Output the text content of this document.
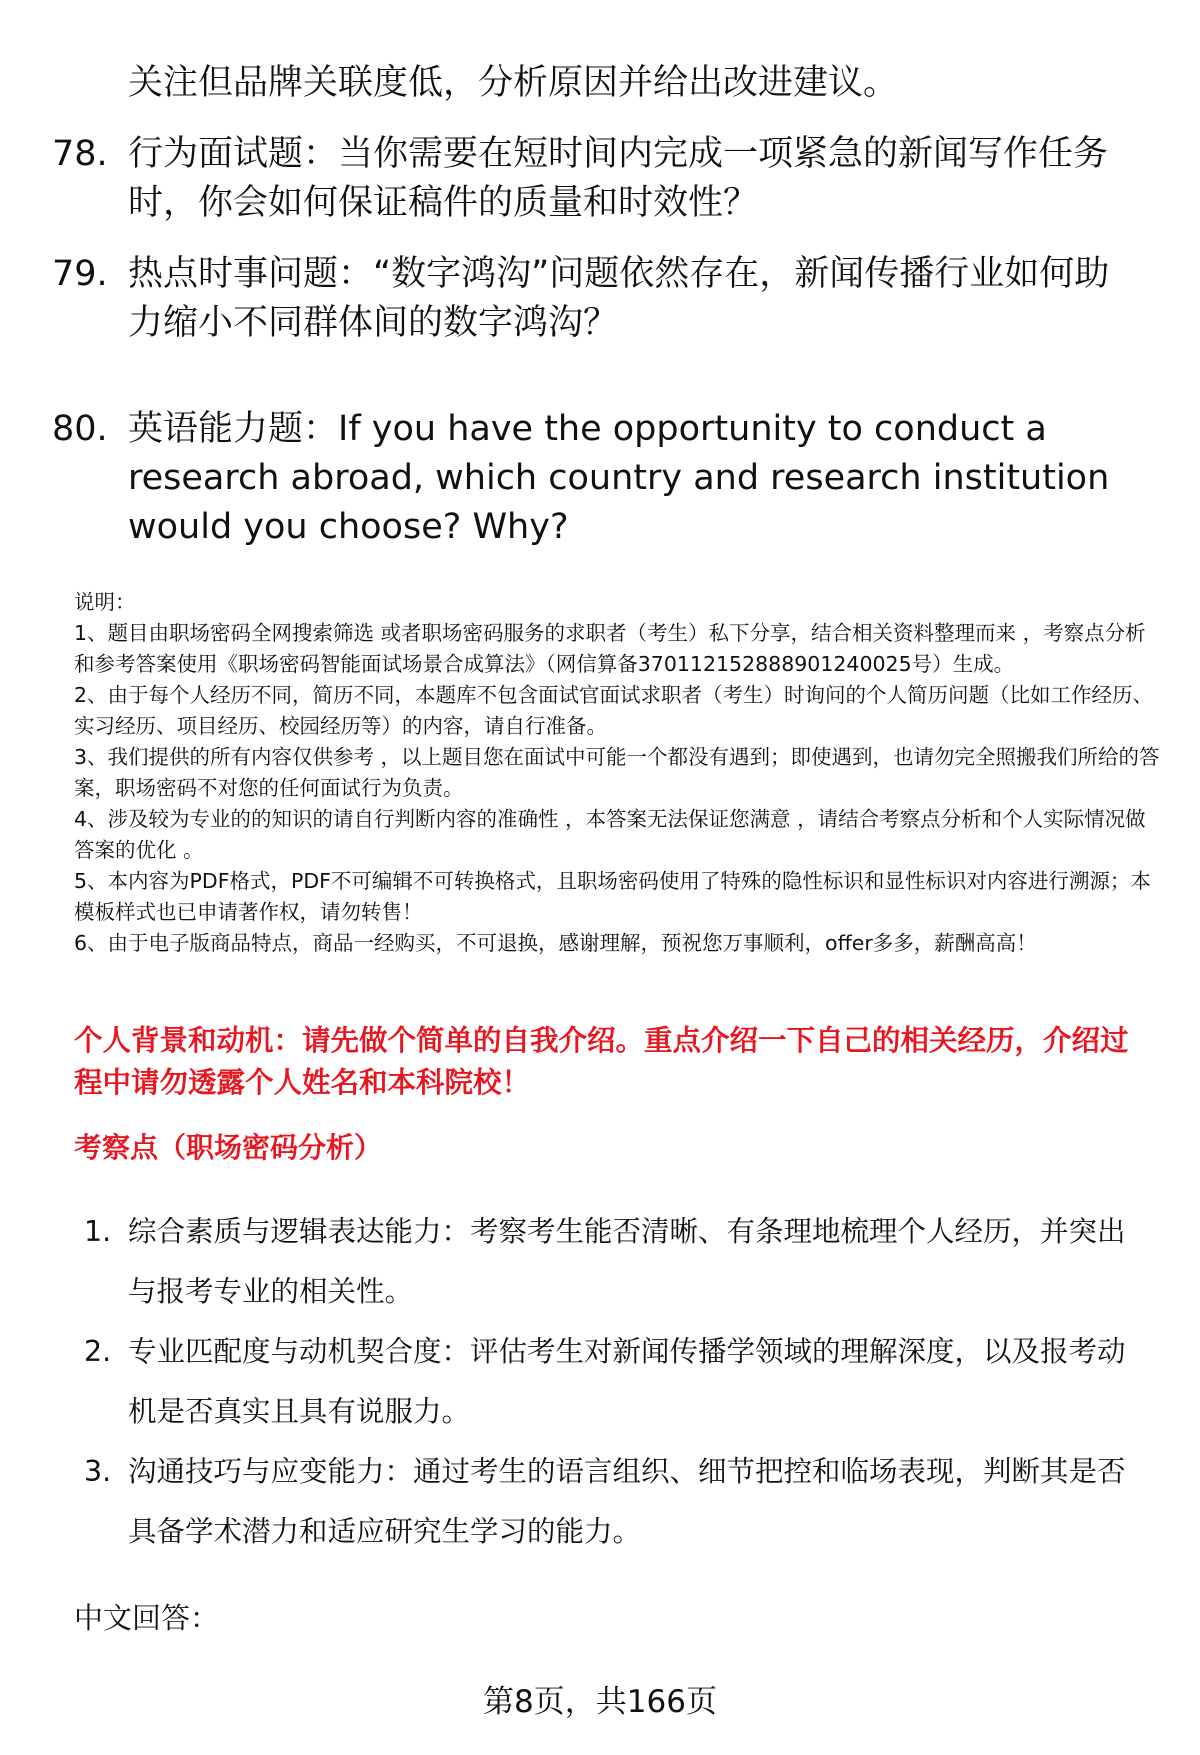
关注但品牌关联度低，分析原因并给出改进建议。
78. 行为面试题：当你需要在短时间内完成一项紧急的新闻写作任务时，你会如何保证稿件的质量和时效性？
79. 热点时事问题：“数字鸿沟”问题依然存在，新闻传播行业如何助力缩小不同群体间的数字鸿沟？
80. 英语能力题：If you have the opportunity to conduct a research abroad, which country and research institution would you choose? Why?
说明：
1、题目由职场密码全网搜索筛选 或者职场密码服务的求职者（考生）私下分享，结合相关资料整理而来 ，考察点分析和参考答案使用《职场密码智能面试场景合成算法》（网信算备370112152888901240025号）生成。
2、由于每个人经历不同，简历不同，本题库不包含面试官面试求职者（考生）时询问的个人简历问题（比如工作经历、实习经历、项目经历、校园经历等）的内容，请自行准备。
3、我们提供的所有内容仅供参考 ，以上题目您在面试中可能一个都没有遇到；即使遇到，也请勿完全照搬我们所给的答案，职场密码不对您的任何面试行为负责。
4、涉及较为专业的的知识的请自行判断内容的准确性 ，本答案无法保证您满意 ，请结合考察点分析和个人实际情况做答案的优化 。
5、本内容为PDF格式，PDF不可编辑不可转换格式，且职场密码使用了特殊的隐性标识和显性标识对内容进行溯源；本模板样式也已申请著作权，请勿转售！
6、由于电子版商品特点，商品一经购买，不可退换，感谢理解，预祝您万事顺利，offer多多，薪酬高高！
个人背景和动机：请先做个简单的自我介绍。重点介绍一下自己的相关经历，介绍过程中请勿透露个人姓名和本科院校！
考察点（职场密码分析）
1. 综合素质与逻辑表达能力：考察考生能否清晰、有条理地梳理个人经历，并突出与报考专业的相关性。
2. 专业匹配度与动机契合度：评估考生对新闻传播学领域的理解深度，以及报考动机是否真实且具有说服力。
3. 沟通技巧与应变能力：通过考生的语言组织、细节把控和临场表现，判断其是否具备学术潜力和适应研究生学习的能力。
中文回答：
第8页，共166页
